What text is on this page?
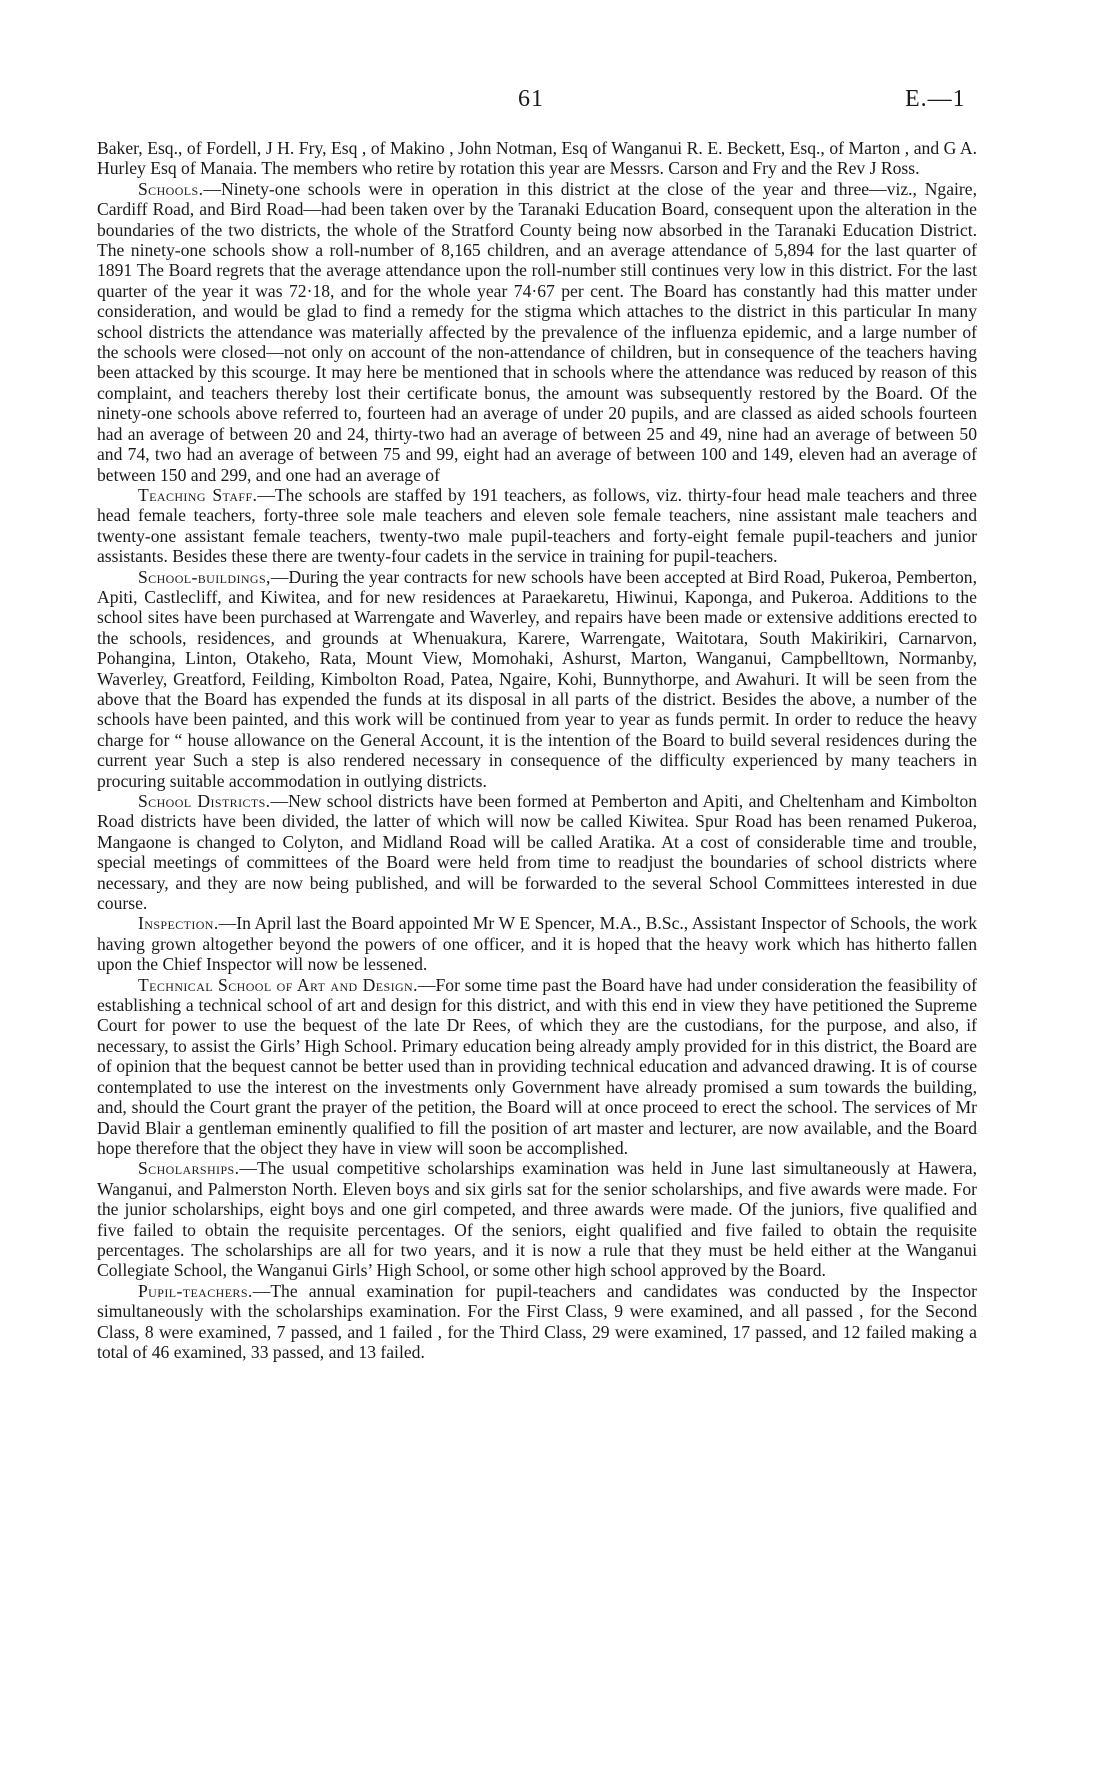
61	E.—1

Baker, Esq., of Fordell, J H. Fry, Esq , of Makino , John Notman, Esq of Wanganui R. E. Beckett, Esq., of Marton , and G A. Hurley Esq of Manaia. The members who retire by rotation this year are Messrs. Carson and Fry and the Rev J Ross.

Schools.—Ninety-one schools were in operation in this district at the close of the year and three—viz., Ngaire, Cardiff Road, and Bird Road—had been taken over by the Taranaki Education Board, consequent upon the alteration in the boundaries of the two districts, the whole of the Stratford County being now absorbed in the Taranaki Education District. The ninety-one schools show a roll-number of 8,165 children, and an average attendance of 5,894 for the last quarter of 1891 The Board regrets that the average attendance upon the roll-number still continues very low in this district. For the last quarter of the year it was 72·18, and for the whole year 74·67 per cent. The Board has constantly had this matter under consideration, and would be glad to find a remedy for the stigma which attaches to the district in this particular In many school districts the attendance was materially affected by the prevalence of the influenza epidemic, and a large number of the schools were closed—not only on account of the non-attendance of children, but in consequence of the teachers having been attacked by this scourge. It may here be mentioned that in schools where the attendance was reduced by reason of this complaint, and teachers thereby lost their certificate bonus, the amount was subsequently restored by the Board. Of the ninety-one schools above referred to, fourteen had an average of under 20 pupils, and are classed as aided schools fourteen had an average of between 20 and 24, thirty-two had an average of between 25 and 49, nine had an average of between 50 and 74, two had an average of between 75 and 99, eight had an average of between 100 and 149, eleven had an average of between 150 and 299, and one had an average of

Teaching Staff.—The schools are staffed by 191 teachers, as follows, viz. thirty-four head male teachers and three head female teachers, forty-three sole male teachers and eleven sole female teachers, nine assistant male teachers and twenty-one assistant female teachers, twenty-two male pupil-teachers and forty-eight female pupil-teachers and junior assistants. Besides these there are twenty-four cadets in the service in training for pupil-teachers.

School-buildings,—During the year contracts for new schools have been accepted at Bird Road, Pukeroa, Pemberton, Apiti, Castlecliff, and Kiwitea, and for new residences at Paraekaretu, Hiwinui, Kaponga, and Pukeroa. Additions to the school sites have been purchased at Warrengate and Waverley, and repairs have been made or extensive additions erected to the schools, residences, and grounds at Whenuakura, Karere, Warrengate, Waitotara, South Makirikiri, Carnarvon, Pohangina, Linton, Otakeho, Rata, Mount View, Momohaki, Ashurst, Marton, Wanganui, Campbelltown, Normanby, Waverley, Greatford, Feilding, Kimbolton Road, Patea, Ngaire, Kohi, Bunnythorpe, and Awahuri. It will be seen from the above that the Board has expended the funds at its disposal in all parts of the district. Besides the above, a number of the schools have been painted, and this work will be continued from year to year as funds permit. In order to reduce the heavy charge for “ house allowance on the General Account, it is the intention of the Board to build several residences during the current year Such a step is also rendered necessary in consequence of the difficulty experienced by many teachers in procuring suitable accommodation in outlying districts.

School Districts.—New school districts have been formed at Pemberton and Apiti, and Cheltenham and Kimbolton Road districts have been divided, the latter of which will now be called Kiwitea. Spur Road has been renamed Pukeroa, Mangaone is changed to Colyton, and Midland Road will be called Aratika. At a cost of considerable time and trouble, special meetings of committees of the Board were held from time to readjust the boundaries of school districts where necessary, and they are now being published, and will be forwarded to the several School Committees interested in due course.

Inspection.—In April last the Board appointed Mr W E Spencer, M.A., B.Sc., Assistant Inspector of Schools, the work having grown altogether beyond the powers of one officer, and it is hoped that the heavy work which has hitherto fallen upon the Chief Inspector will now be lessened.

Technical School of Art and Design.—For some time past the Board have had under consideration the feasibility of establishing a technical school of art and design for this district, and with this end in view they have petitioned the Supreme Court for power to use the bequest of the late Dr Rees, of which they are the custodians, for the purpose, and also, if necessary, to assist the Girls’ High School. Primary education being already amply provided for in this district, the Board are of opinion that the bequest cannot be better used than in providing technical education and advanced drawing. It is of course contemplated to use the interest on the investments only Government have already promised a sum towards the building, and, should the Court grant the prayer of the petition, the Board will at once proceed to erect the school. The services of Mr David Blair a gentleman eminently qualified to fill the position of art master and lecturer, are now available, and the Board hope therefore that the object they have in view will soon be accomplished.

Scholarships.—The usual competitive scholarships examination was held in June last simultaneously at Hawera, Wanganui, and Palmerston North. Eleven boys and six girls sat for the senior scholarships, and five awards were made. For the junior scholarships, eight boys and one girl competed, and three awards were made. Of the juniors, five qualified and five failed to obtain the requisite percentages. Of the seniors, eight qualified and five failed to obtain the requisite percentages. The scholarships are all for two years, and it is now a rule that they must be held either at the Wanganui Collegiate School, the Wanganui Girls’ High School, or some other high school approved by the Board.

Pupil-teachers.—The annual examination for pupil-teachers and candidates was conducted by the Inspector simultaneously with the scholarships examination. For the First Class, 9 were examined, and all passed , for the Second Class, 8 were examined, 7 passed, and 1 failed , for the Third Class, 29 were examined, 17 passed, and 12 failed making a total of 46 examined, 33 passed, and 13 failed.
